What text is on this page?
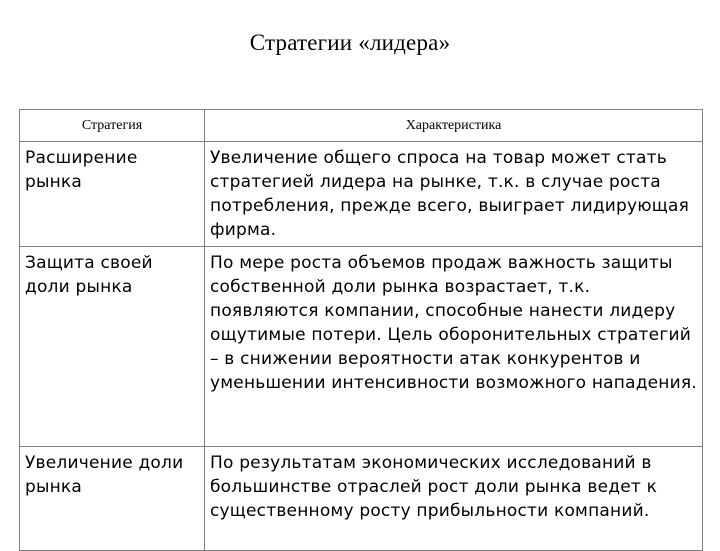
Стратегии «лидера»
Стратегия	Характеристика
Расширение рынка	Увеличение общего спроса на товар может стать стратегией лидера на рынке, т.к. в случае роста потребления, прежде всего, выиграет лидирующая фирма.
Защита своей доли рынка	По мере роста объемов продаж важность защиты собственной доли рынка возрастает, т.к. появляются компании, способные нанести лидеру ощутимые потери. Цель оборонительных стратегий – в снижении вероятности атак конкурентов и уменьшении интенсивности возможного нападения.
Увеличение доли рынка	По результатам экономических исследований в большинстве отраслей рост доли рынка ведет к существенному росту прибыльности компаний.
